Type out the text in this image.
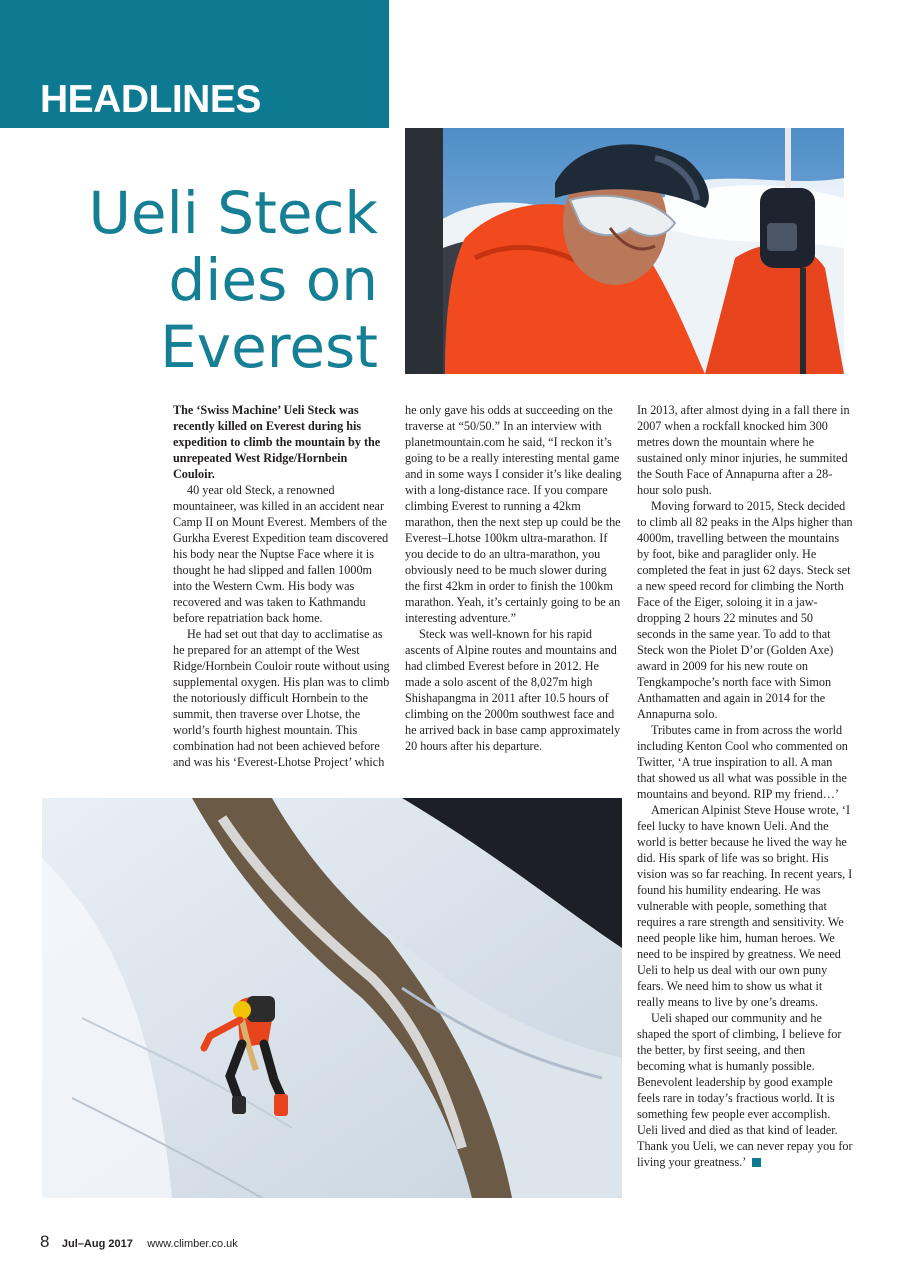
HEADLINES
Ueli Steck
dies on
Everest

The ‘Swiss Machine’ Ueli Steck was recently killed on Everest during his expedition to climb the mountain by the unrepeated West Ridge/Hornbein Couloir.

40 year old Steck, a renowned mountaineer, was killed in an accident near Camp II on Mount Everest. Members of the Gurkha Everest Expedition team discovered his body near the Nuptse Face where it is thought he had slipped and fallen 1000m into the Western Cwm. His body was recovered and was taken to Kathmandu before repatriation back home.

He had set out that day to acclimatise as he prepared for an attempt of the West Ridge/Hornbein Couloir route without using supplemental oxygen. His plan was to climb the notoriously difficult Hornbein to the summit, then traverse over Lhotse, the world’s fourth highest mountain. This combination had not been achieved before and was his ‘Everest-Lhotse Project’ which

he only gave his odds at succeeding on the traverse at “50/50.” In an interview with planetmountain.com he said, “I reckon it’s going to be a really interesting mental game and in some ways I consider it’s like dealing with a long-distance race. If you compare climbing Everest to running a 42km marathon, then the next step up could be the Everest–Lhotse 100km ultra-marathon. If you decide to do an ultra-marathon, you obviously need to be much slower during the first 42km in order to finish the 100km marathon. Yeah, it’s certainly going to be an interesting adventure.”

Steck was well-known for his rapid ascents of Alpine routes and mountains and had climbed Everest before in 2012. He made a solo ascent of the 8,027m high Shishapangma in 2011 after 10.5 hours of climbing on the 2000m southwest face and he arrived back in base camp approximately 20 hours after his departure.

In 2013, after almost dying in a fall there in 2007 when a rockfall knocked him 300 metres down the mountain where he sustained only minor injuries, he summited the South Face of Annapurna after a 28-hour solo push.

Moving forward to 2015, Steck decided to climb all 82 peaks in the Alps higher than 4000m, travelling between the mountains by foot, bike and paraglider only. He completed the feat in just 62 days. Steck set a new speed record for climbing the North Face of the Eiger, soloing it in a jaw-dropping 2 hours 22 minutes and 50 seconds in the same year. To add to that Steck won the Piolet D’or (Golden Axe) award in 2009 for his new route on Tengkampoche’s north face with Simon Anthamatten and again in 2014 for the Annapurna solo.

Tributes came in from across the world including Kenton Cool who commented on Twitter, ‘A true inspiration to all. A man that showed us all what was possible in the mountains and beyond. RIP my friend…’

American Alpinist Steve House wrote, ‘I feel lucky to have known Ueli. And the world is better because he lived the way he did. His spark of life was so bright. His vision was so far reaching. In recent years, I found his humility endearing. He was vulnerable with people, something that requires a rare strength and sensitivity. We need people like him, human heroes. We need to be inspired by greatness. We need Ueli to help us deal with our own puny fears. We need him to show us what it really means to live by one’s dreams.

Ueli shaped our community and he shaped the sport of climbing, I believe for the better, by first seeing, and then becoming what is humanly possible. Benevolent leadership by good example feels rare in today’s fractious world. It is something few people ever accomplish. Ueli lived and died as that kind of leader. Thank you Ueli, we can never repay you for living your greatness.’

8 Jul–Aug 2017 www.climber.co.uk
